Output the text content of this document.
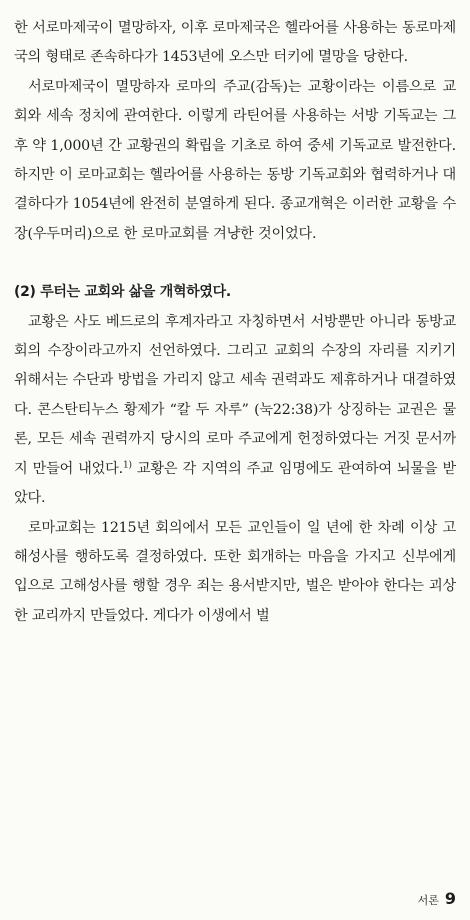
한 서로마제국이 멸망하자, 이후 로마제국은 헬라어를 사용하는 동로마제국의 형태로 존속하다가 1453년에 오스만 터키에 멸망을 당한다.

서로마제국이 멸망하자 로마의 주교(감독)는 교황이라는 이름으로 교회와 세속 정치에 관여한다. 이렇게 라틴어를 사용하는 서방 기독교는 그 후 약 1,000년 간 교황권의 확립을 기초로 하여 중세 기독교로 발전한다. 하지만 이 로마교회는 헬라어를 사용하는 동방 기독교회와 협력하거나 대결하다가 1054년에 완전히 분열하게 된다. 종교개혁은 이러한 교황을 수장(우두머리)으로 한 로마교회를 겨냥한 것이었다.

(2) 루터는 교회와 삶을 개혁하였다.

교황은 사도 베드로의 후계자라고 자칭하면서 서방뿐만 아니라 동방교회의 수장이라고까지 선언하였다. 그리고 교회의 수장의 자리를 지키기 위해서는 수단과 방법을 가리지 않고 세속 권력과도 제휴하거나 대결하였다. 콘스탄티누스 황제가 “칼 두 자루” (눅22:38)가 상징하는 교권은 물론, 모든 세속 권력까지 당시의 로마 주교에게 헌정하였다는 거짓 문서까지 만들어 내었다.$^{1)}$ 교황은 각 지역의 주교 임명에도 관여하여 뇌물을 받았다.

로마교회는 1215년 회의에서 모든 교인들이 일 년에 한 차례 이상 고해성사를 행하도록 결정하였다. 또한 회개하는 마음을 가지고 신부에게 입으로 고해성사를 행할 경우 죄는 용서받지만, 벌은 받아야 한다는 괴상한 교리까지 만들었다. 게다가 이생에서 벌

서론 9
